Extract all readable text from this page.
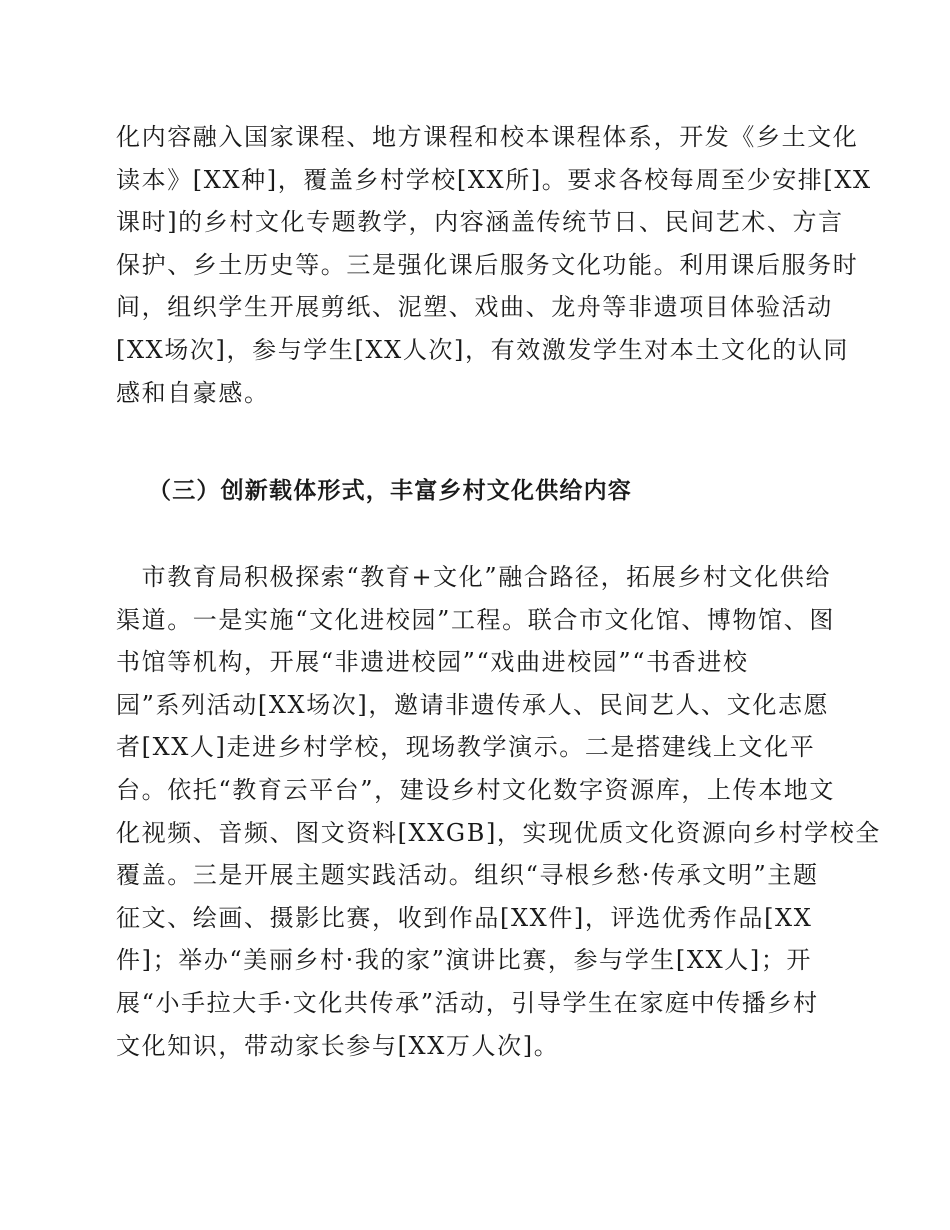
化内容融入国家课程、地方课程和校本课程体系，开发《乡土文化
读本》[XX种]，覆盖乡村学校[XX所]。要求各校每周至少安排[XX
课时]的乡村文化专题教学，内容涵盖传统节日、民间艺术、方言
保护、乡土历史等。三是强化课后服务文化功能。利用课后服务时
间，组织学生开展剪纸、泥塑、戏曲、龙舟等非遗项目体验活动
[XX场次]，参与学生[XX人次]，有效激发学生对本土文化的认同
感和自豪感。
（三）创新载体形式，丰富乡村文化供给内容
　市教育局积极探索“教育+文化”融合路径，拓展乡村文化供给
渠道。一是实施“文化进校园”工程。联合市文化馆、博物馆、图
书馆等机构，开展“非遗进校园”“戏曲进校园”“书香进校
园”系列活动[XX场次]，邀请非遗传承人、民间艺人、文化志愿
者[XX人]走进乡村学校，现场教学演示。二是搭建线上文化平
台。依托“教育云平台”，建设乡村文化数字资源库，上传本地文
化视频、音频、图文资料[XXGB]，实现优质文化资源向乡村学校全
覆盖。三是开展主题实践活动。组织“寻根乡愁·传承文明”主题
征文、绘画、摄影比赛，收到作品[XX件]，评选优秀作品[XX
件]；举办“美丽乡村·我的家”演讲比赛，参与学生[XX人]；开
展“小手拉大手·文化共传承”活动，引导学生在家庭中传播乡村
文化知识，带动家长参与[XX万人次]。
